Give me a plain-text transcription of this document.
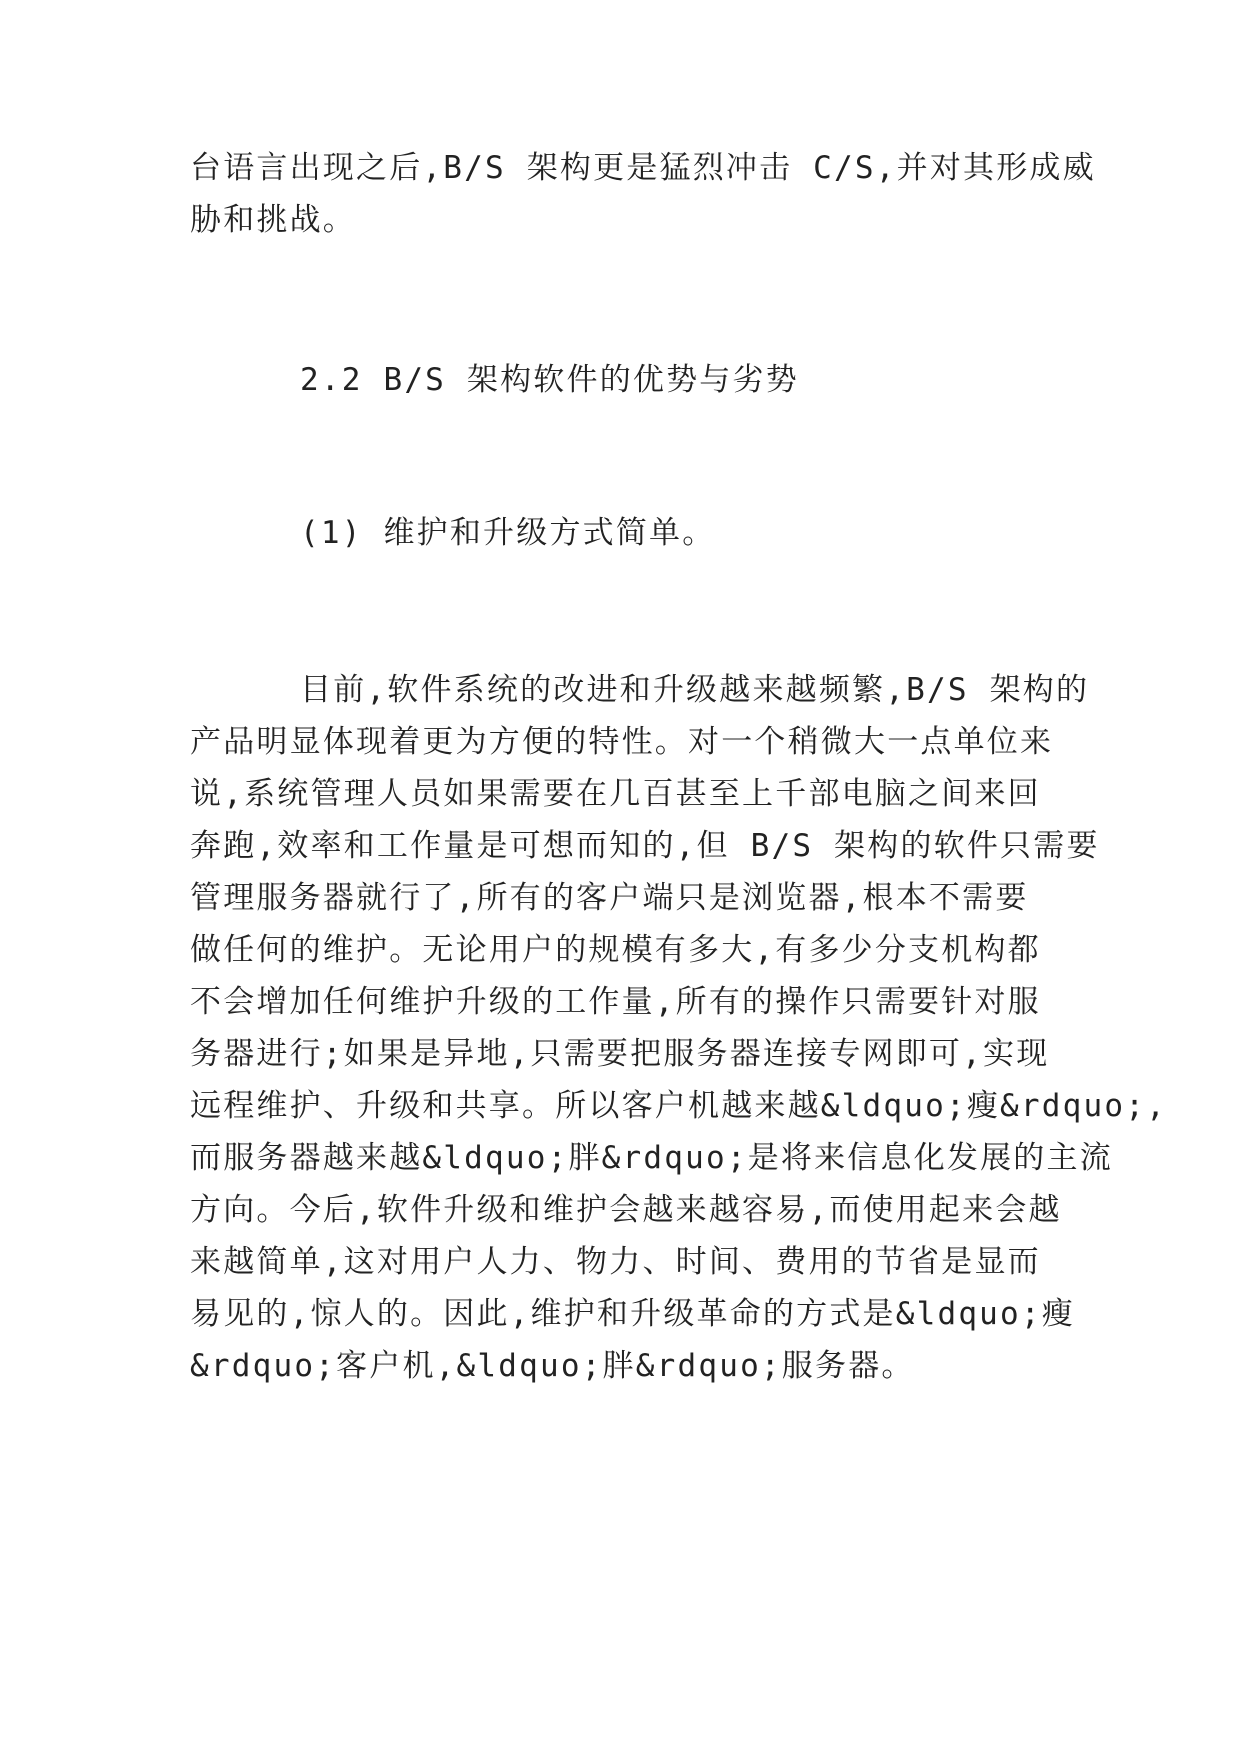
台语言出现之后,B/S 架构更是猛烈冲击 C/S,并对其形成威
胁和挑战。
2.2 B/S 架构软件的优势与劣势
(1) 维护和升级方式简单。
目前,软件系统的改进和升级越来越频繁,B/S 架构的
产品明显体现着更为方便的特性。对一个稍微大一点单位来
说,系统管理人员如果需要在几百甚至上千部电脑之间来回
奔跑,效率和工作量是可想而知的,但 B/S 架构的软件只需要
管理服务器就行了,所有的客户端只是浏览器,根本不需要
做任何的维护。无论用户的规模有多大,有多少分支机构都
不会增加任何维护升级的工作量,所有的操作只需要针对服
务器进行;如果是异地,只需要把服务器连接专网即可,实现
远程维护、升级和共享。所以客户机越来越&ldquo;瘦&rdquo;,
而服务器越来越&ldquo;胖&rdquo;是将来信息化发展的主流
方向。今后,软件升级和维护会越来越容易,而使用起来会越
来越简单,这对用户人力、物力、时间、费用的节省是显而
易见的,惊人的。因此,维护和升级革命的方式是&ldquo;瘦
&rdquo;客户机,&ldquo;胖&rdquo;服务器。
